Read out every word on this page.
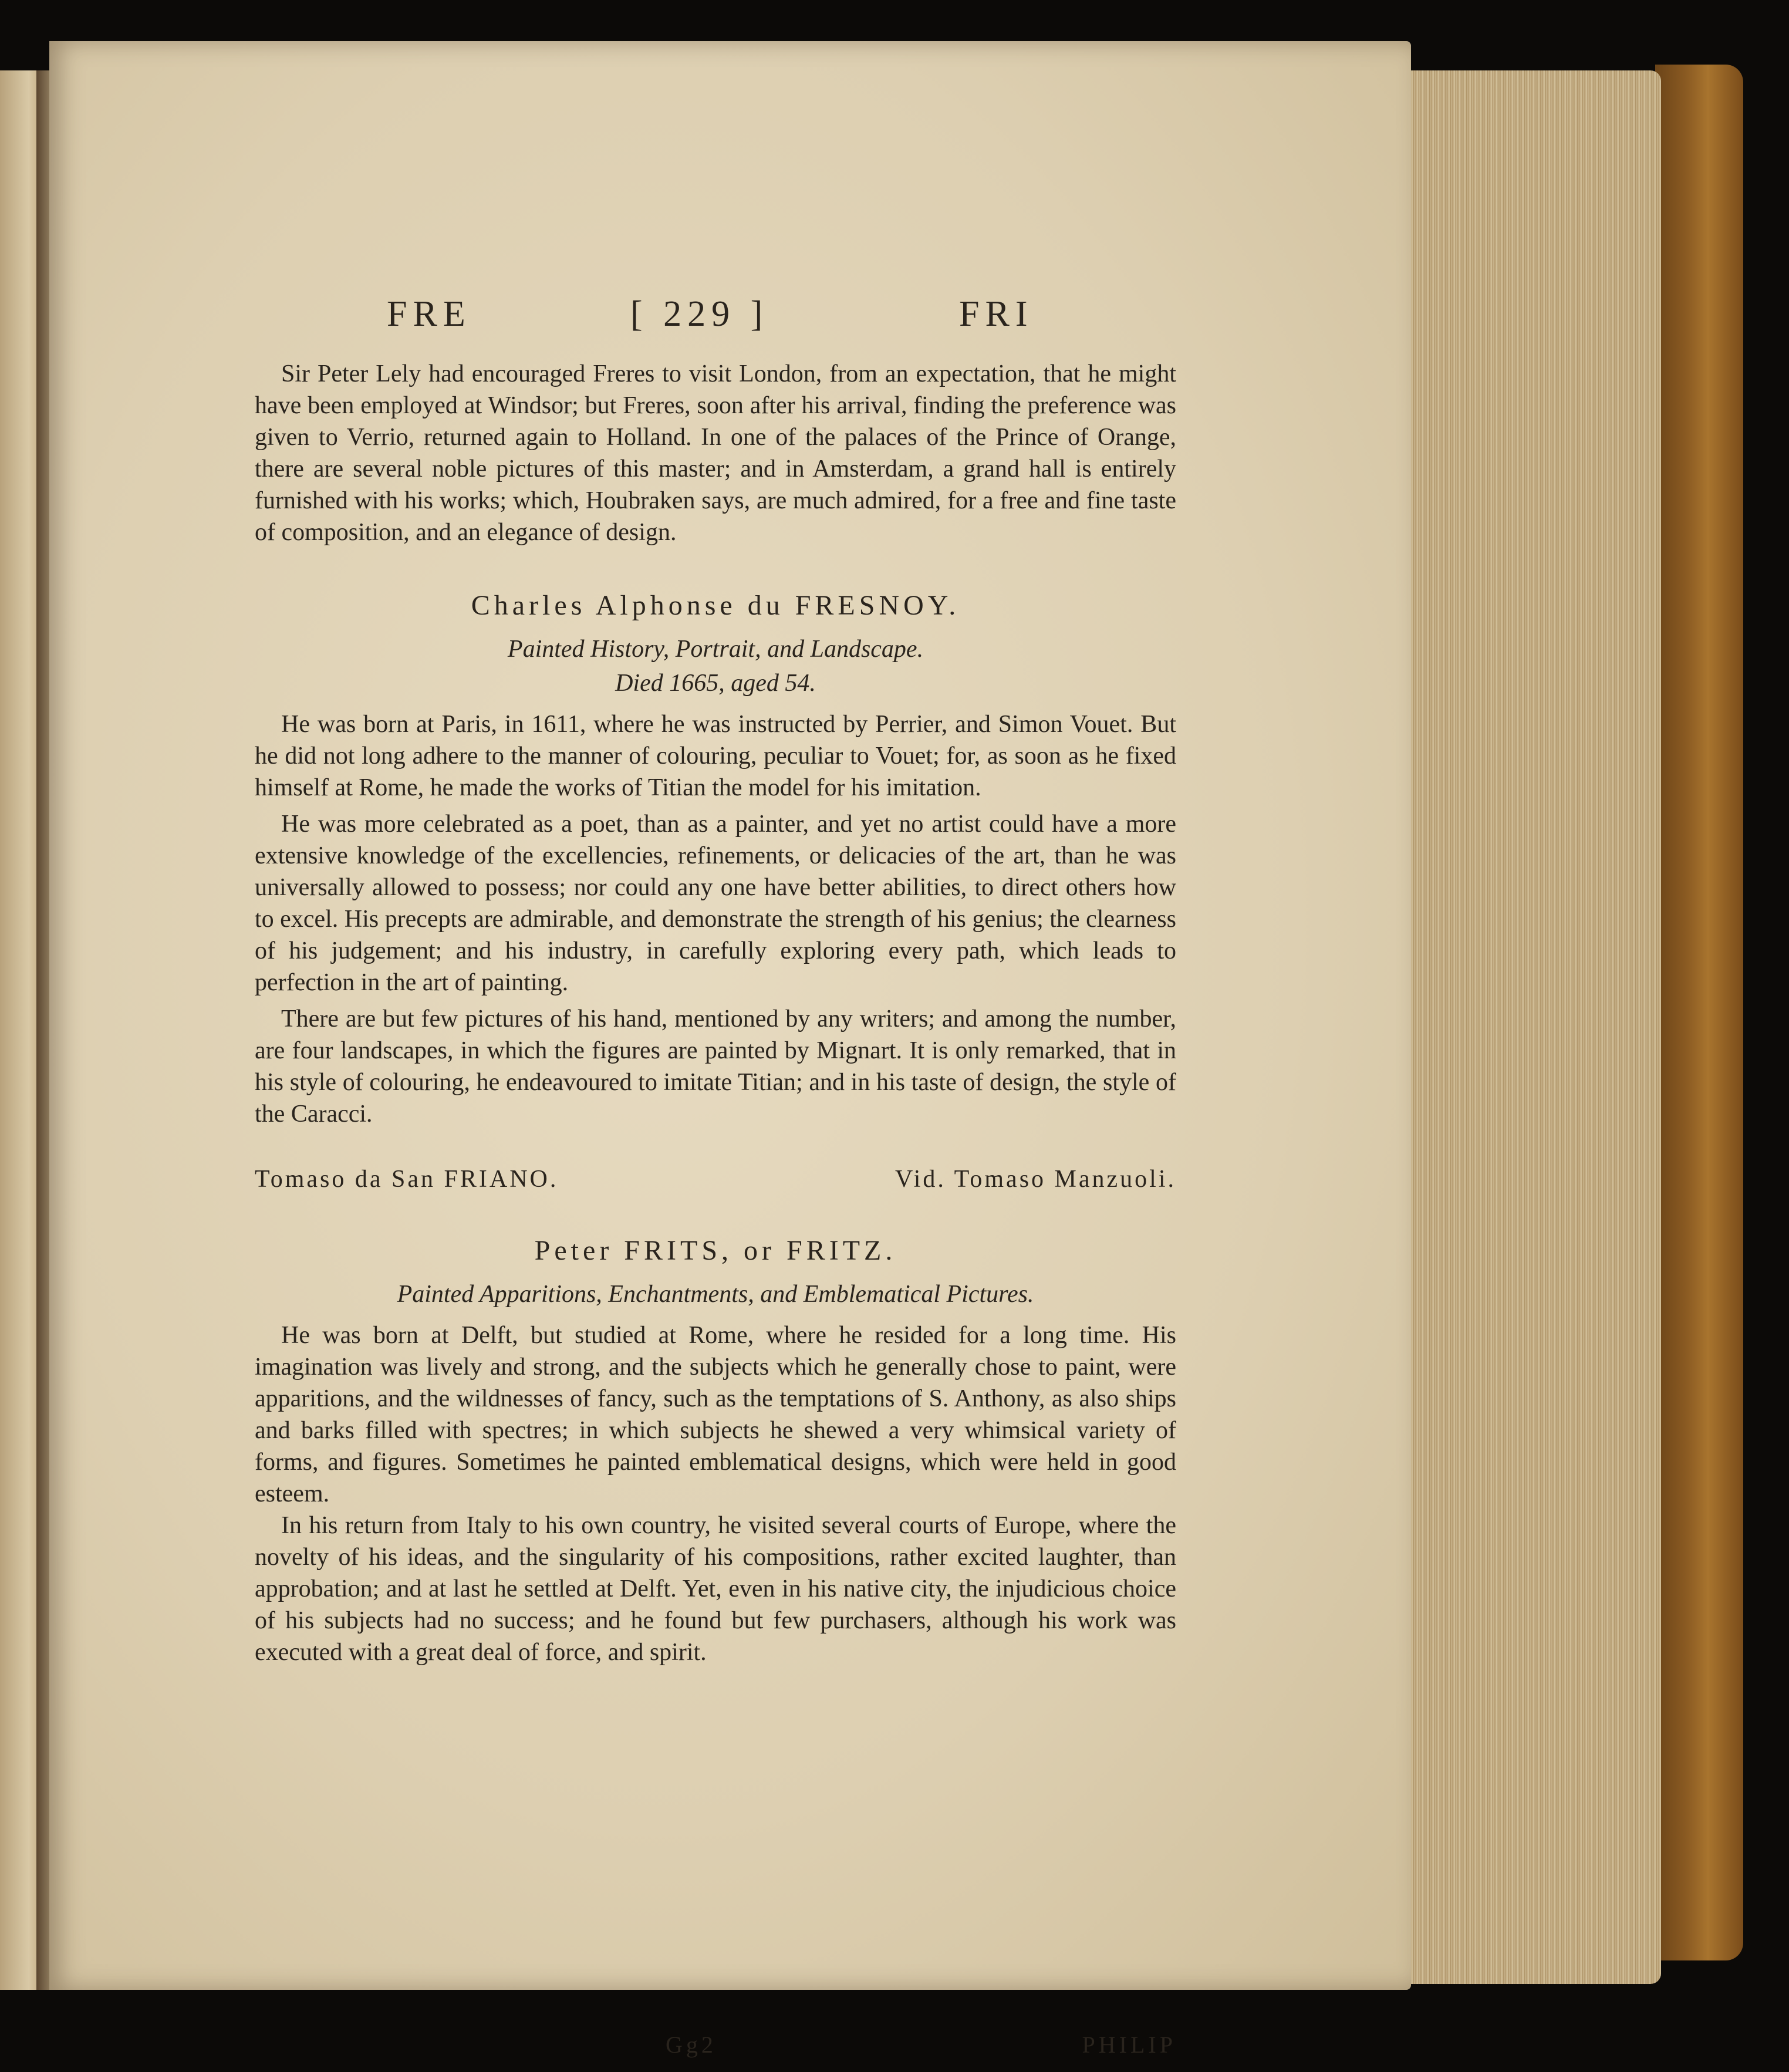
FRE	[ 229 ]	FRI

Sir Peter Lely had encouraged Freres to visit London, from an expectation, that he might have been employed at Windsor; but Freres, soon after his arrival, finding the preference was given to Verrio, returned again to Holland. In one of the palaces of the Prince of Orange, there are several noble pictures of this master; and in Amsterdam, a grand hall is entirely furnished with his works; which, Houbraken says, are much admired, for a free and fine taste of composition, and an elegance of design.

Charles Alphonse du FRESNOY.

Painted History, Portrait, and Landscape.

Died 1665, aged 54.

He was born at Paris, in 1611, where he was instructed by Perrier, and Simon Vouet. But he did not long adhere to the manner of colouring, peculiar to Vouet; for, as soon as he fixed himself at Rome, he made the works of Titian the model for his imitation.

He was more celebrated as a poet, than as a painter, and yet no artist could have a more extensive knowledge of the excellencies, refinements, or delicacies of the art, than he was universally allowed to possess; nor could any one have better abilities, to direct others how to excel. His precepts are admirable, and demonstrate the strength of his genius; the clearness of his judgement; and his industry, in carefully exploring every path, which leads to perfection in the art of painting.

There are but few pictures of his hand, mentioned by any writers; and among the number, are four landscapes, in which the figures are painted by Mignart. It is only remarked, that in his style of colouring, he endeavoured to imitate Titian; and in his taste of design, the style of the Caracci.

Tomaso da San FRIANO.	Vid. Tomaso Manzuoli.
Peter FRITS, or FRITZ.

Painted Apparitions, Enchantments, and Emblematical Pictures.

He was born at Delft, but studied at Rome, where he resided for a long time. His imagination was lively and strong, and the subjects which he generally chose to paint, were apparitions, and the wildnesses of fancy, such as the temptations of S. Anthony, as also ships and barks filled with spectres; in which subjects he shewed a very whimsical variety of forms, and figures. Sometimes he painted emblematical designs, which were held in good esteem.

In his return from Italy to his own country, he visited several courts of Europe, where the novelty of his ideas, and the singularity of his compositions, rather excited laughter, than approbation; and at last he settled at Delft. Yet, even in his native city, the injudicious choice of his subjects had no success; and he found but few purchasers, although his work was executed with a great deal of force, and spirit.

Gg2	PHILIP
